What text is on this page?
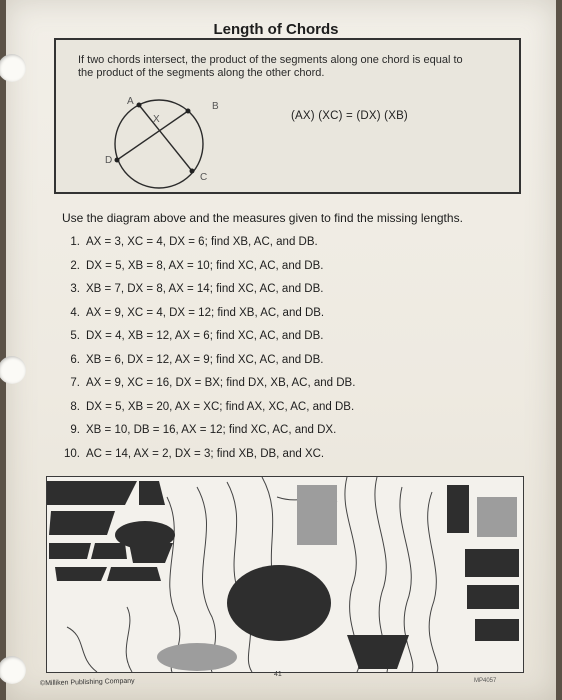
Length of Chords
If two chords intersect, the product of the segments along one chord is equal to the product of the segments along the other chord.
A	B
C
D
X	(AX) (XC) = (DX) (XB)
Use the diagram above and the measures given to find the missing lengths.
1. AX = 3, XC = 4, DX = 6; find XB, AC, and DB.
2. DX = 5, XB = 8, AX = 10; find XC, AC, and DB.
3. XB = 7, DX = 8, AX = 14; find XC, AC, and DB.
4. AX = 9, XC = 4, DX = 12; find XB, AC, and DB.
5. DX = 4, XB = 12, AX = 6; find XC, AC, and DB.
6. XB = 6, DX = 12, AX = 9; find XC, AC, and DB.
7. AX = 9, XC = 16, DX = BX; find DX, XB, AC, and DB.
8. DX = 5, XB = 20, AX = XC; find AX, XC, AC, and DB.
9. XB = 10, DB = 16, AX = 12; find XC, AC, and DX.
10. AC = 14, AX = 2, DX = 3; find XB, DB, and XC.
©Milliken Publishing Company
41
MP4057
